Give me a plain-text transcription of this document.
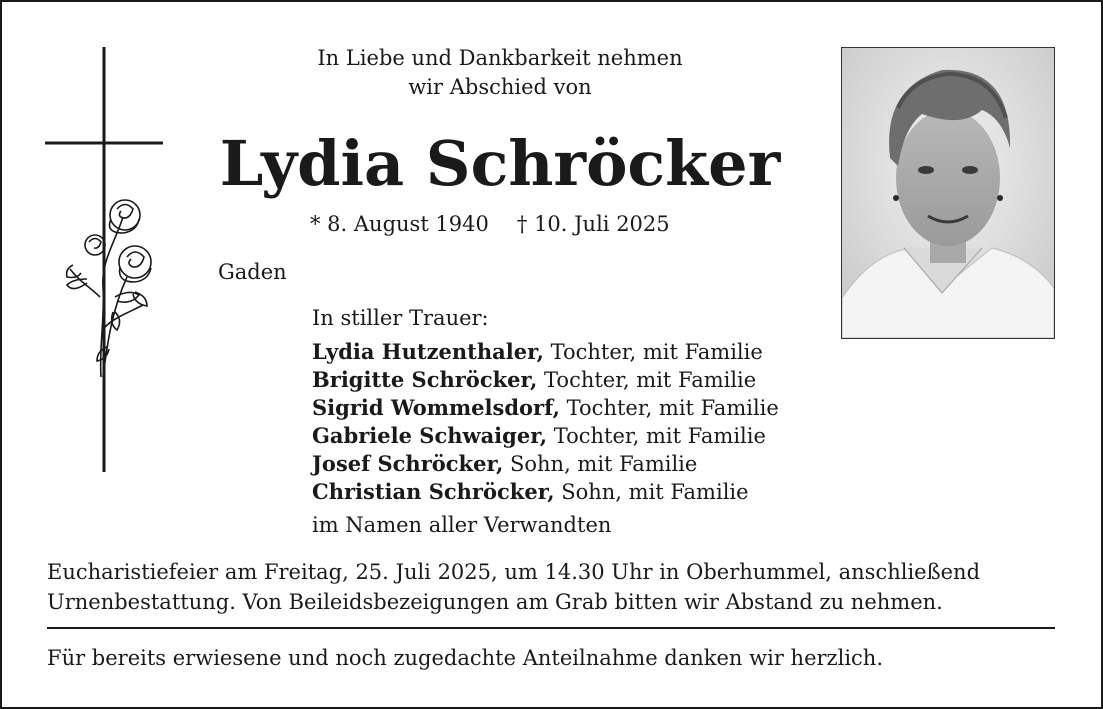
In Liebe und Dankbarkeit nehmen
wir Abschied von
Lydia Schröcker
* 8. August 1940 † 10. Juli 2025
Gaden
In stiller Trauer:
Lydia Hutzenthaler, Tochter, mit Familie
Brigitte Schröcker, Tochter, mit Familie
Sigrid Wommelsdorf, Tochter, mit Familie
Gabriele Schwaiger, Tochter, mit Familie
Josef Schröcker, Sohn, mit Familie
Christian Schröcker, Sohn, mit Familie
im Namen aller Verwandten
Eucharistiefeier am Freitag, 25. Juli 2025, um 14.30 Uhr in Oberhummel, anschließend
Urnenbestattung. Von Beileidsbezeigungen am Grab bitten wir Abstand zu nehmen.
Für bereits erwiesene und noch zugedachte Anteilnahme danken wir herzlich.
